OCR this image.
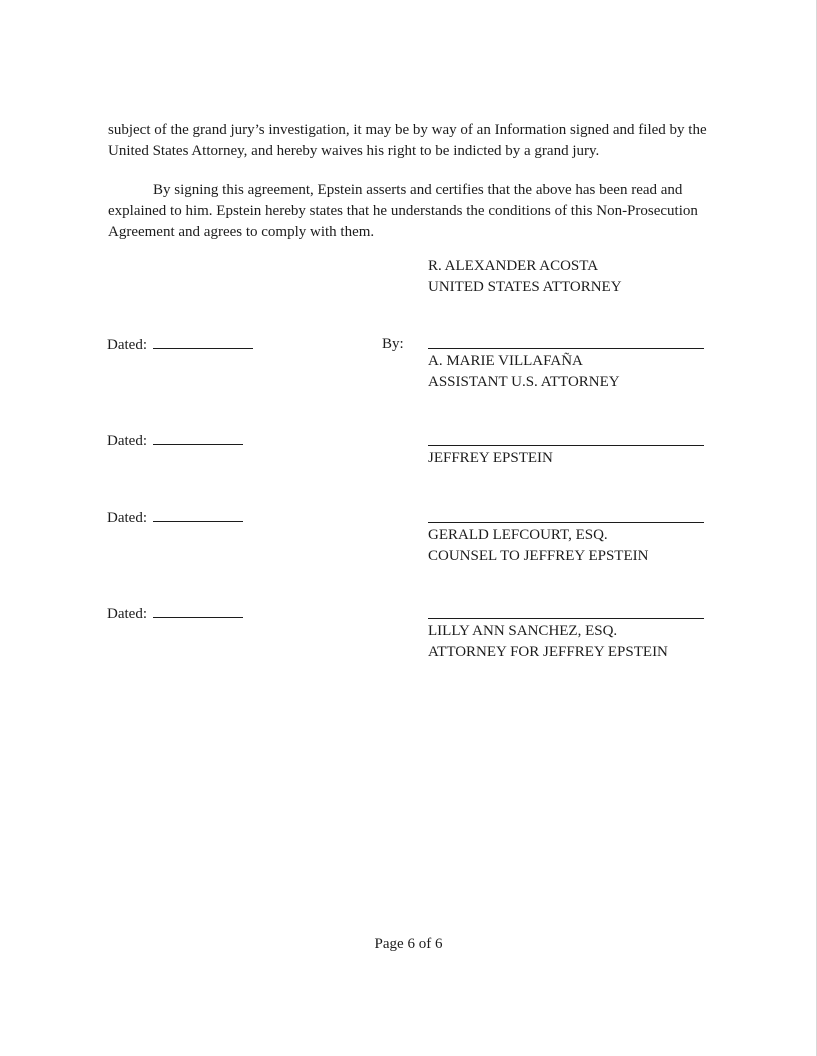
subject of the grand jury’s investigation, it may be by way of an Information signed and filed by the United States Attorney, and hereby waives his right to be indicted by a grand jury.

By signing this agreement, Epstein asserts and certifies that the above has been read and explained to him. Epstein hereby states that he understands the conditions of this Non-Prosecution Agreement and agrees to comply with them.

R. ALEXANDER ACOSTA
UNITED STATES ATTORNEY
Dated:	By:
A. MARIE VILLAFAÑA
ASSISTANT U.S. ATTORNEY
Dated:
JEFFREY EPSTEIN
Dated:
GERALD LEFCOURT, ESQ.
COUNSEL TO JEFFREY EPSTEIN
Dated:
LILLY ANN SANCHEZ, ESQ.
ATTORNEY FOR JEFFREY EPSTEIN
Page 6 of 6
